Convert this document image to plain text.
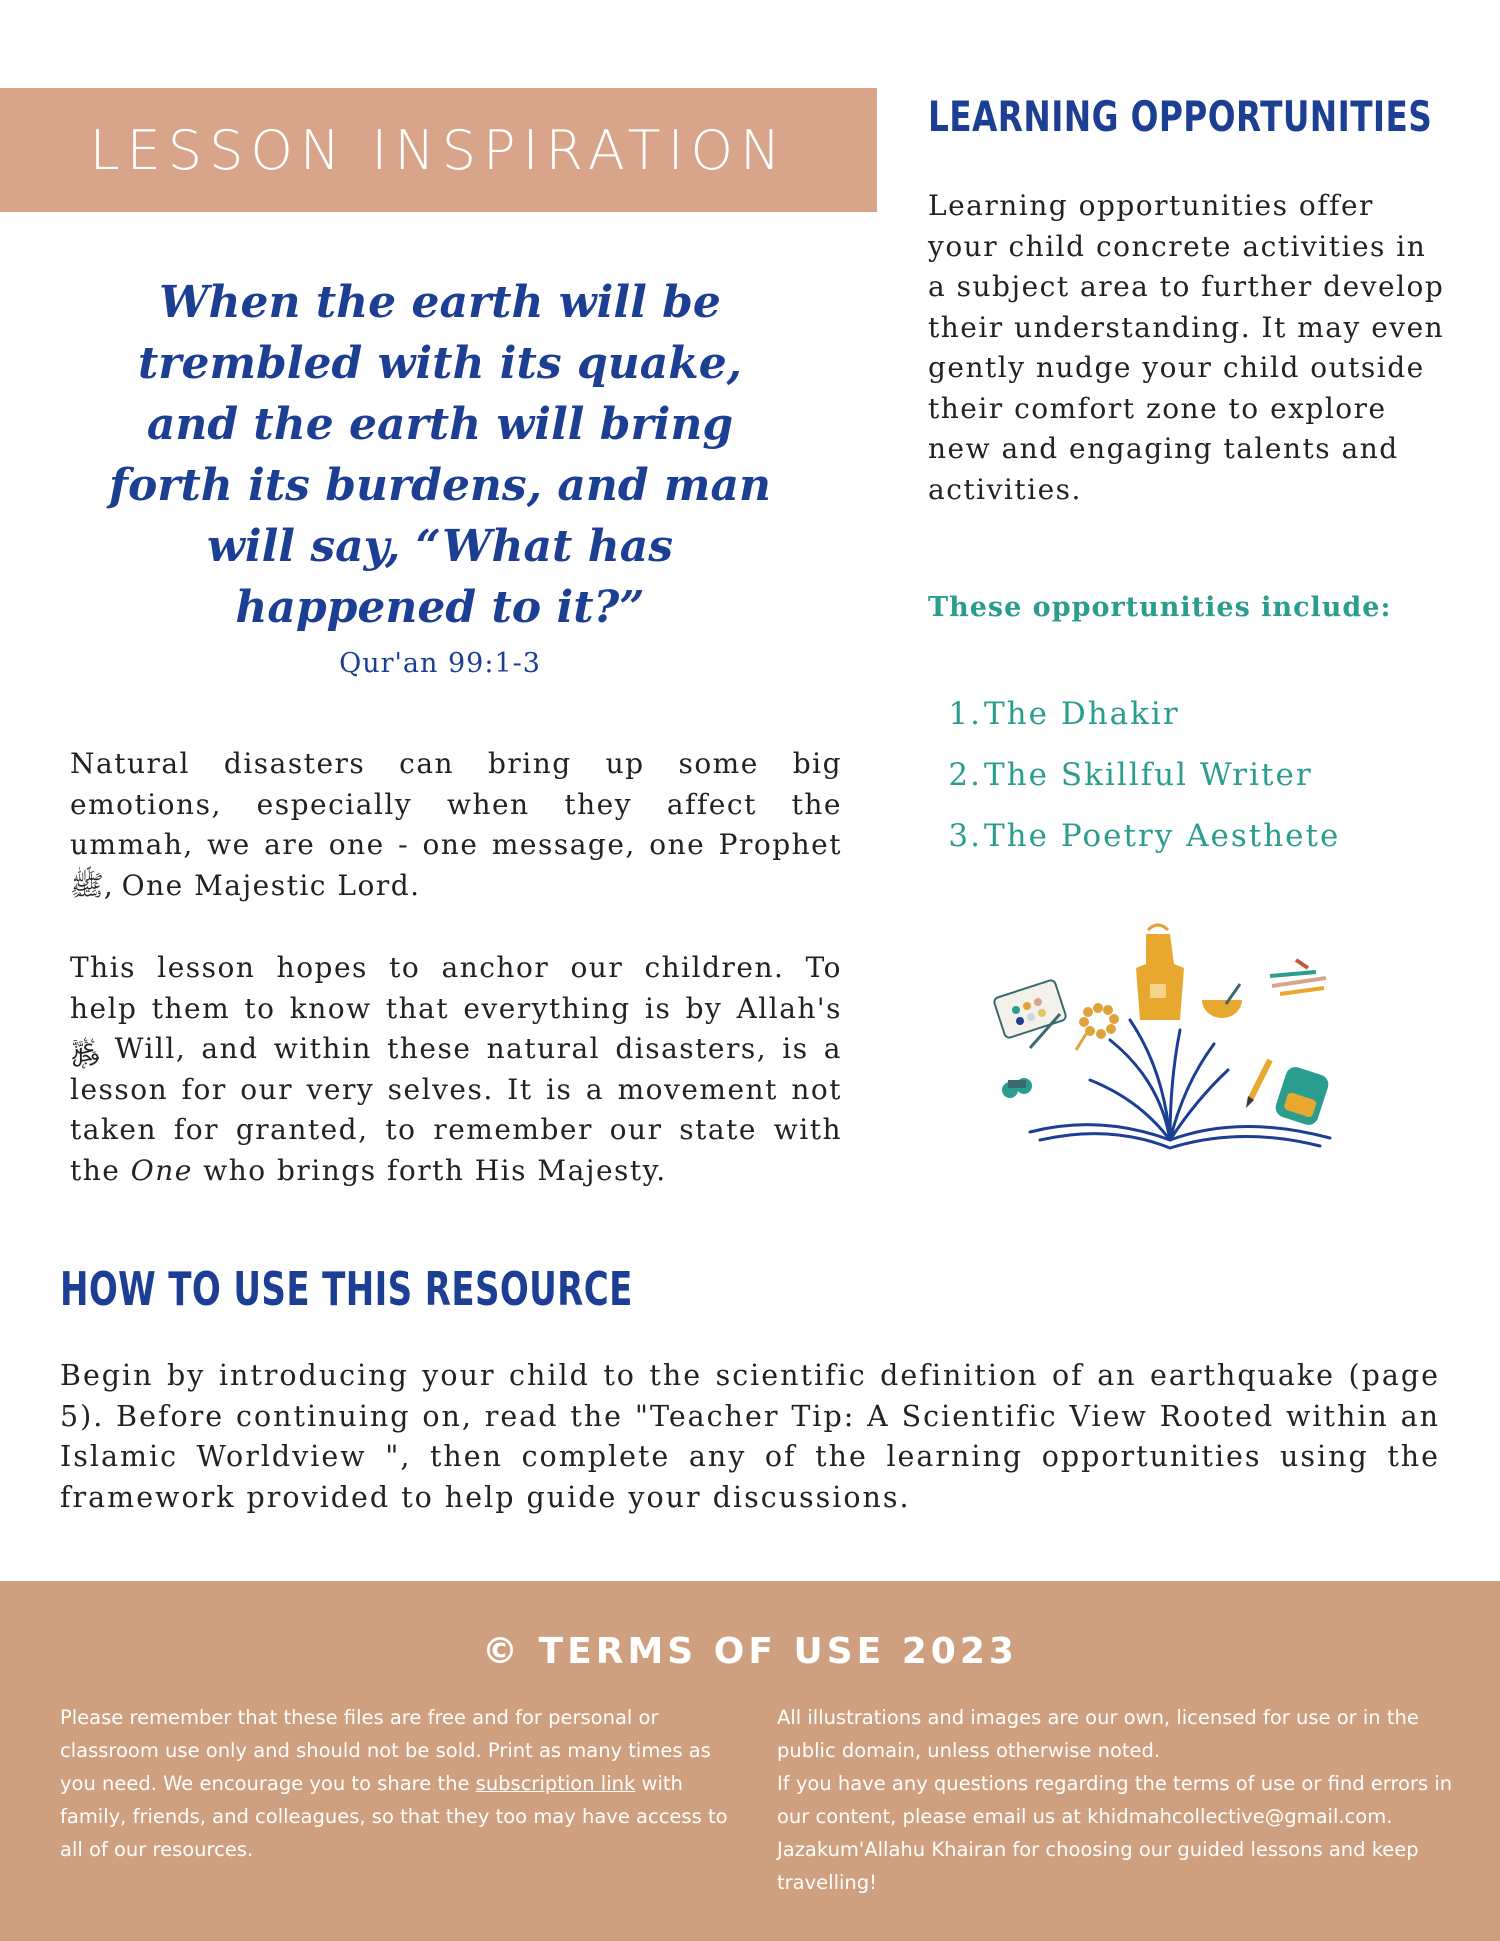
LESSON INSPIRATION
When the earth will be trembled with its quake, and the earth will bring forth its burdens, and man will say, “What has happened to it?”
Qur'an 99:1-3

Natural disasters can bring up some big emotions, especially when they affect the ummah, we are one - one message, one Prophet ﷺ, One Majestic Lord.

This lesson hopes to anchor our children. To help them to know that everything is by Allah's ﷿ Will, and within these natural disasters, is a lesson for our very selves. It is a movement not taken for granted, to remember our state with the One who brings forth His Majesty.

LEARNING OPPORTUNITIES

Learning opportunities offer your child concrete activities in a subject area to further develop their understanding. It may even gently nudge your child outside their comfort zone to explore new and engaging talents and activities.

These opportunities include:

1. The Dhakir
2. The Skillful Writer
3. The Poetry Aesthete
HOW TO USE THIS RESOURCE

Begin by introducing your child to the scientific definition of an earthquake (page 5). Before continuing on, read the "Teacher Tip: A Scientific View Rooted within an Islamic Worldview ", then complete any of the learning opportunities using the framework provided to help guide your discussions.

© TERMS OF USE 2023

Please remember that these files are free and for personal or classroom use only and should not be sold. Print as many times as you need. We encourage you to share the subscription link with family, friends, and colleagues, so that they too may have access to all of our resources.

All illustrations and images are our own, licensed for use or in the public domain, unless otherwise noted.
If you have any questions regarding the terms of use or find errors in our content, please email us at khidmahcollective@gmail.com.
Jazakum'Allahu Khairan for choosing our guided lessons and keep travelling!
